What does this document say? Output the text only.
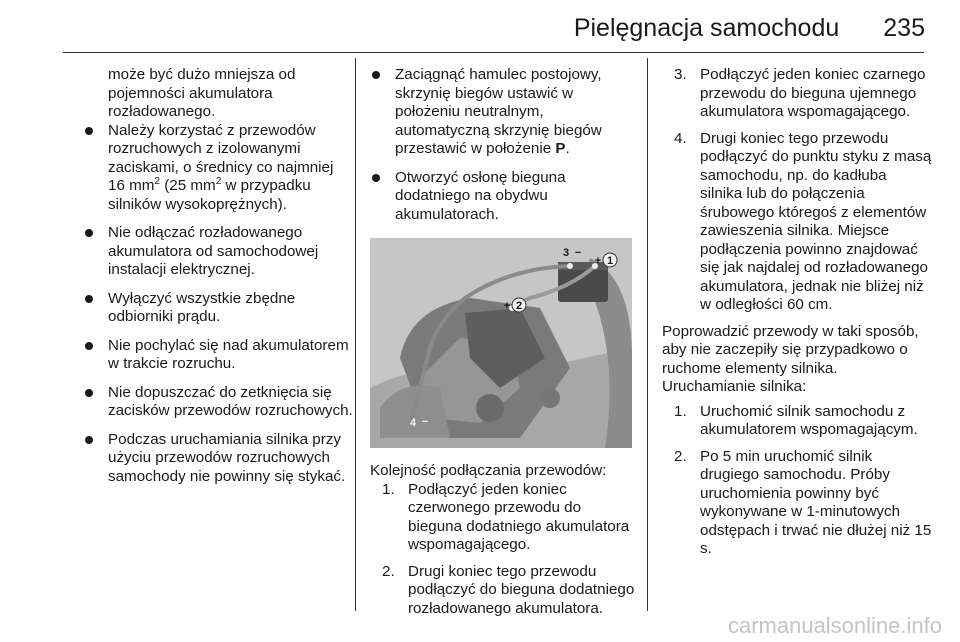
Pielęgnacja samochodu 235

może być dużo mniejsza od pojemności akumulatora rozładowanego.

Należy korzystać z przewodów rozruchowych z izolowanymi zaciskami, o średnicy co najmniej 16 $mm^2$ (25 $mm^2$ w przypadku silników wysokoprężnych).
Nie odłączać rozładowanego akumulatora od samochodowej instalacji elektrycznej.
Wyłączyć wszystkie zbędne odbiorniki prądu.
Nie pochylać się nad akumulatorem w trakcie rozruchu.
Nie dopuszczać do zetknięcia się zacisków przewodów rozruchowych.
Podczas uruchamiania silnika przy użyciu przewodów rozruchowych samochody nie powinny się stykać.
Zaciągnąć hamulec postojowy, skrzynię biegów ustawić w położeniu neutralnym, automatyczną skrzynię biegów przestawić w położenie P.
Otworzyć osłonę bieguna dodatniego na obydwu akumulatorach.
1
+
2
+
3 −
4 −

Kolejność podłączania przewodów:

1. Podłączyć jeden koniec czerwonego przewodu do bieguna dodatniego akumulatora wspomagającego.
2. Drugi koniec tego przewodu podłączyć do bieguna dodatniego rozładowanego akumulatora.
3. Podłączyć jeden koniec czarnego przewodu do bieguna ujemnego akumulatora wspomagającego.
4. Drugi koniec tego przewodu podłączyć do punktu styku z masą samochodu, np. do kadłuba silnika lub do połączenia śrubowego któregoś z elementów zawieszenia silnika. Miejsce podłączenia powinno znajdować się jak najdalej od rozładowanego akumulatora, jednak nie bliżej niż w odległości 60 cm.

Poprowadzić przewody w taki sposób, aby nie zaczepiły się przypadkowo o ruchome elementy silnika.

Uruchamianie silnika:

1. Uruchomić silnik samochodu z akumulatorem wspomagającym.
2. Po 5 min uruchomić silnik drugiego samochodu. Próby uruchomienia powinny być wykonywane w 1-minutowych odstępach i trwać nie dłużej niż 15 s.
carmanualsonline.info
